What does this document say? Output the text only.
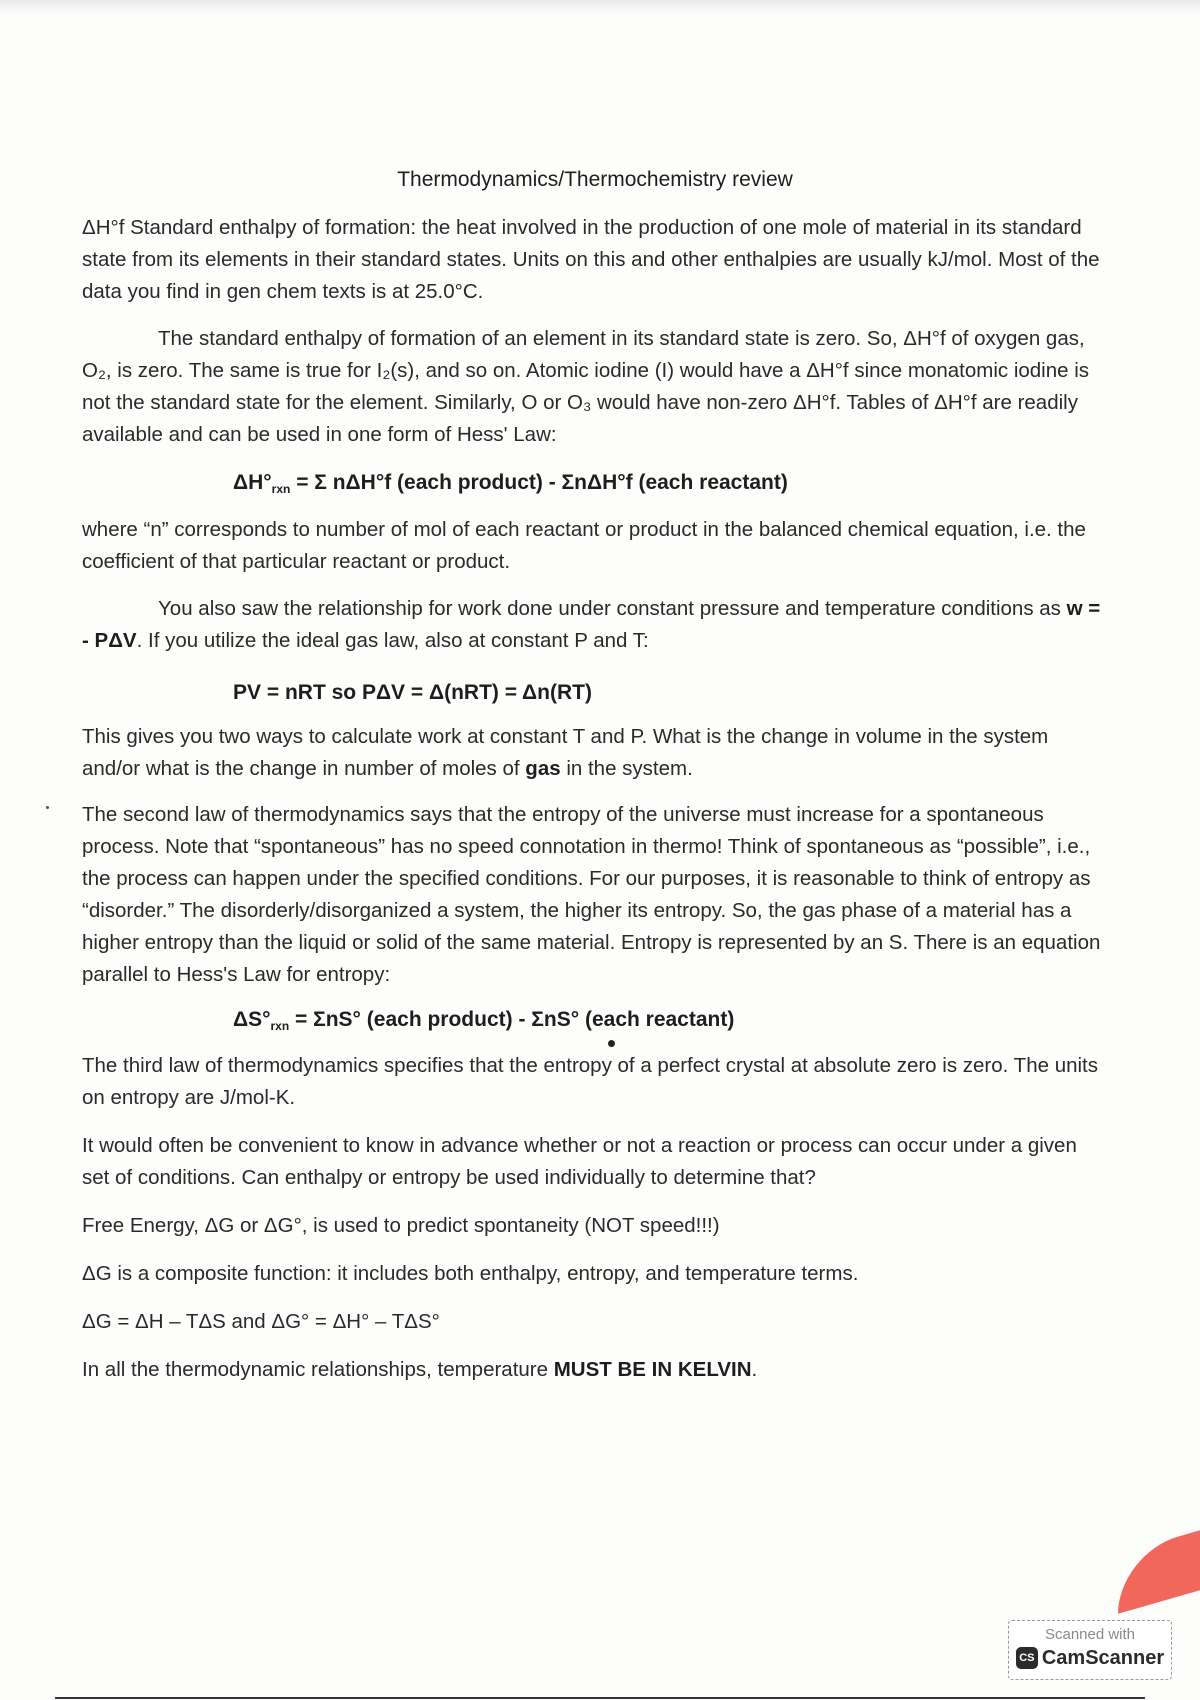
Thermodynamics/Thermochemistry review

ΔH°f Standard enthalpy of formation: the heat involved in the production of one mole of material in its standard state from its elements in their standard states. Units on this and other enthalpies are usually kJ/mol. Most of the data you find in gen chem texts is at 25.0°C.

The standard enthalpy of formation of an element in its standard state is zero. So, ΔH°f of oxygen gas, O₂, is zero. The same is true for I₂(s), and so on. Atomic iodine (I) would have a ΔH°f since monatomic iodine is not the standard state for the element. Similarly, O or O₃ would have non-zero ΔH°f. Tables of ΔH°f are readily available and can be used in one form of Hess' Law:

$\Delta H^\circ_{rxn} = \Sigma$ nΔH°f (each product) - ΣnΔH°f (each reactant)

where “n” corresponds to number of mol of each reactant or product in the balanced chemical equation, i.e. the coefficient of that particular reactant or product.

You also saw the relationship for work done under constant pressure and temperature conditions as w = - PΔV. If you utilize the ideal gas law, also at constant P and T:

PV = nRT so PΔV = Δ(nRT) = Δn(RT)

This gives you two ways to calculate work at constant T and P. What is the change in volume in the system and/or what is the change in number of moles of gas in the system.

The second law of thermodynamics says that the entropy of the universe must increase for a spontaneous process. Note that “spontaneous” has no speed connotation in thermo! Think of spontaneous as “possible”, i.e., the process can happen under the specified conditions. For our purposes, it is reasonable to think of entropy as “disorder.” The disorderly/disorganized a system, the higher its entropy. So, the gas phase of a material has a higher entropy than the liquid or solid of the same material. Entropy is represented by an S. There is an equation parallel to Hess's Law for entropy:

$\Delta S^\circ_{rxn} = \Sigma nS^\circ$ (each product) - ΣnS° (each reactant)

The third law of thermodynamics specifies that the entropy of a perfect crystal at absolute zero is zero. The units on entropy are J/mol-K.

It would often be convenient to know in advance whether or not a reaction or process can occur under a given set of conditions. Can enthalpy or entropy be used individually to determine that?

Free Energy, ΔG or ΔG°, is used to predict spontaneity (NOT speed!!!)

ΔG is a composite function: it includes both enthalpy, entropy, and temperature terms.

ΔG = ΔH – TΔS and ΔG° = ΔH° – TΔS°

In all the thermodynamic relationships, temperature MUST BE IN KELVIN.

Scanned with
CS CamScanner
